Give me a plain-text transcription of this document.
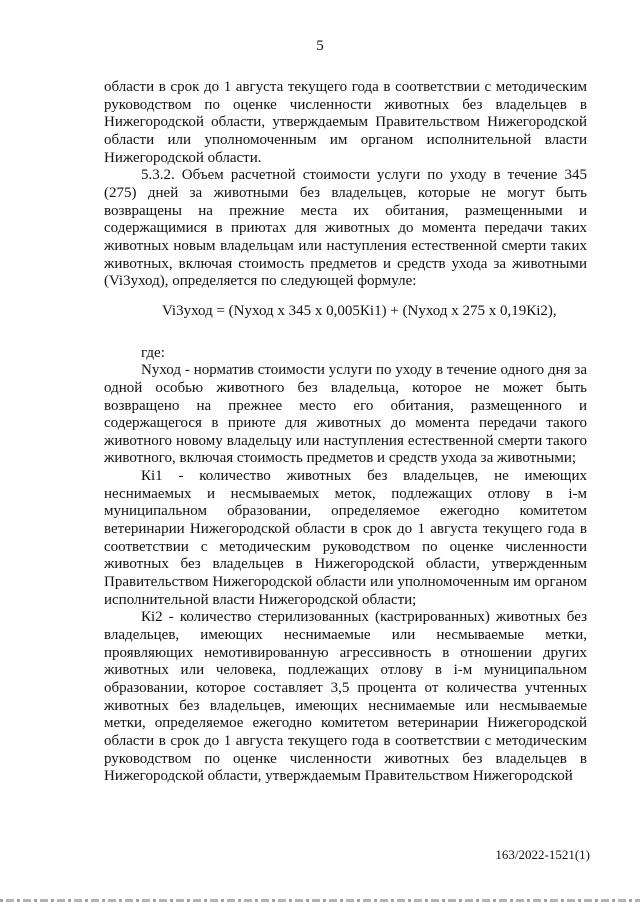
5

области в срок до 1 августа текущего года в соответствии с методическим руководством по оценке численности животных без владельцев в Нижегородской области, утверждаемым Правительством Нижегородской области или уполномоченным им органом исполнительной власти Нижегородской области.

5.3.2. Объем расчетной стоимости услуги по уходу в течение 345 (275) дней за животными без владельцев, которые не могут быть возвращены на прежние места их обитания, размещенными и содержащимися в приютах для животных до момента передачи таких животных новым владельцам или наступления естественной смерти таких животных, включая стоимость предметов и средств ухода за животными (Vi3уход), определяется по следующей формуле:

Vi3уход = (Nуход х 345 х 0,005Кi1) + (Nуход х 275 х 0,19Кi2),

где:

Nуход - норматив стоимости услуги по уходу в течение одного дня за одной особью животного без владельца, которое не может быть возвращено на прежнее место его обитания, размещенного и содержащегося в приюте для животных до момента передачи такого животного новому владельцу или наступления естественной смерти такого животного, включая стоимость предметов и средств ухода за животными;

Кi1 - количество животных без владельцев, не имеющих неснимаемых и несмываемых меток, подлежащих отлову в i-м муниципальном образовании, определяемое ежегодно комитетом ветеринарии Нижегородской области в срок до 1 августа текущего года в соответствии с методическим руководством по оценке численности животных без владельцев в Нижегородской области, утвержденным Правительством Нижегородской области или уполномоченным им органом исполнительной власти Нижегородской области;

Кi2 - количество стерилизованных (кастрированных) животных без владельцев, имеющих неснимаемые или несмываемые метки, проявляющих немотивированную агрессивность в отношении других животных или человека, подлежащих отлову в i-м муниципальном образовании, которое составляет 3,5 процента от количества учтенных животных без владельцев, имеющих неснимаемые или несмываемые метки, определяемое ежегодно комитетом ветеринарии Нижегородской области в срок до 1 августа текущего года в соответствии с методическим руководством по оценке численности животных без владельцев в Нижегородской области, утверждаемым Правительством Нижегородской

163/2022-1521(1)
